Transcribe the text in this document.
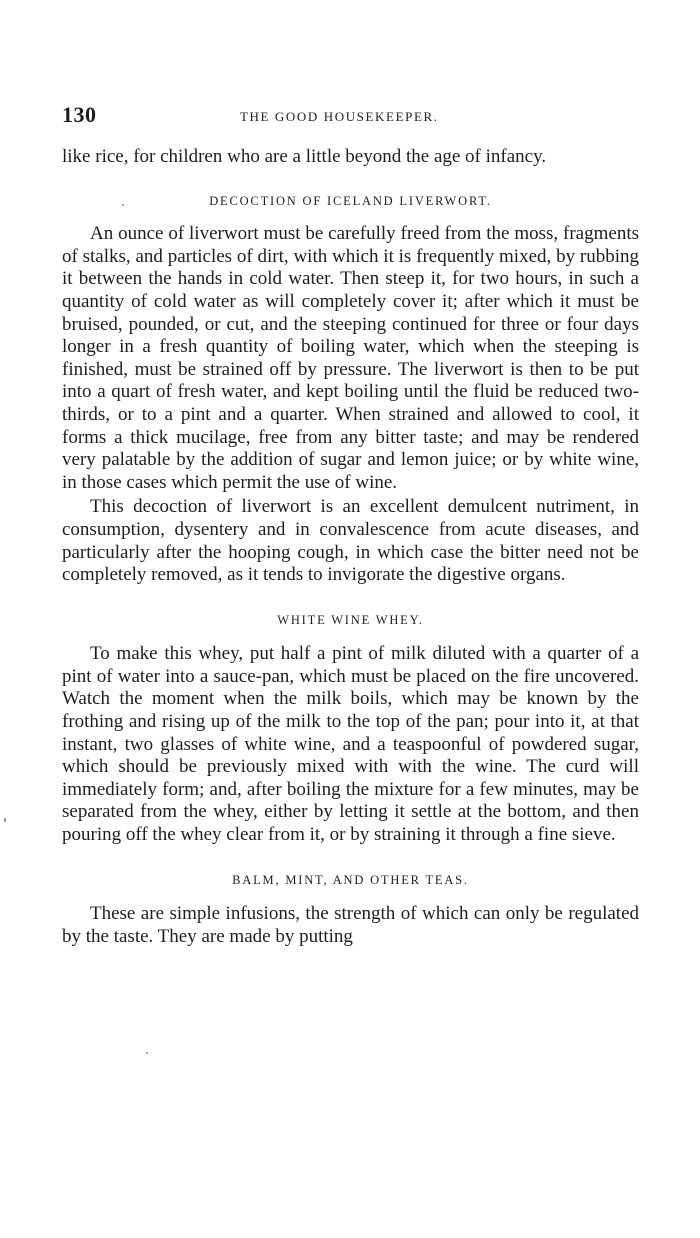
130	THE GOOD HOUSEKEEPER.

like rice, for children who are a little beyond the age of infancy.

DECOCTION OF ICELAND LIVERWORT.

An ounce of liverwort must be carefully freed from the moss, fragments of stalks, and particles of dirt, with which it is frequently mixed, by rubbing it between the hands in cold water. Then steep it, for two hours, in such a quantity of cold water as will completely cover it; after which it must be bruised, pounded, or cut, and the steeping continued for three or four days longer in a fresh quantity of boiling water, which when the steeping is finished, must be strained off by pressure. The liverwort is then to be put into a quart of fresh water, and kept boiling until the fluid be reduced two-thirds, or to a pint and a quarter. When strained and allowed to cool, it forms a thick mucilage, free from any bitter taste; and may be rendered very palatable by the addition of sugar and lemon juice; or by white wine, in those cases which permit the use of wine.

This decoction of liverwort is an excellent demulcent nutriment, in consumption, dysentery and in convalescence from acute diseases, and particularly after the hooping cough, in which case the bitter need not be completely removed, as it tends to invigorate the digestive organs.

WHITE WINE WHEY.

To make this whey, put half a pint of milk diluted with a quarter of a pint of water into a sauce-pan, which must be placed on the fire uncovered. Watch the moment when the milk boils, which may be known by the frothing and rising up of the milk to the top of the pan; pour into it, at that instant, two glasses of white wine, and a teaspoonful of powdered sugar, which should be previously mixed with with the wine. The curd will immediately form; and, after boiling the mixture for a few minutes, may be separated from the whey, either by letting it settle at the bottom, and then pouring off the whey clear from it, or by straining it through a fine sieve.

BALM, MINT, AND OTHER TEAS.

These are simple infusions, the strength of which can only be regulated by the taste. They are made by putting
